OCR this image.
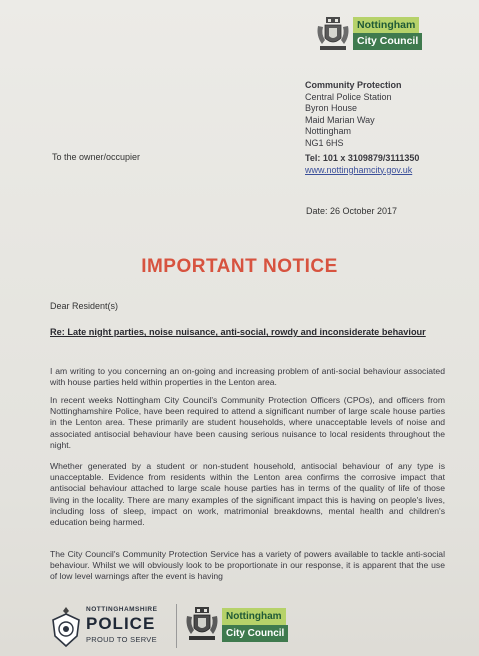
Nottingham
City Council
Community Protection
Central Police Station
Byron House
Maid Marian Way
Nottingham
NG1 6HS
Tel: 101 x 3109879/3111350
www.nottinghamcity.gov.uk
To the owner/occupier
Date: 26 October 2017
IMPORTANT NOTICE
Dear Resident(s)
Re: Late night parties, noise nuisance, anti-social, rowdy and inconsiderate behaviour
I am writing to you concerning an on-going and increasing problem of anti-social behaviour associated with house parties held within properties in the Lenton area.
In recent weeks Nottingham City Council's Community Protection Officers (CPOs), and officers from Nottinghamshire Police, have been required to attend a significant number of large scale house parties in the Lenton area. These primarily are student households, where unacceptable levels of noise and associated antisocial behaviour have been causing serious nuisance to local residents throughout the night.
Whether generated by a student or non-student household, antisocial behaviour of any type is unacceptable. Evidence from residents within the Lenton area confirms the corrosive impact that antisocial behaviour attached to large scale house parties has in terms of the quality of life of those living in the locality. There are many examples of the significant impact this is having on people's lives, including loss of sleep, impact on work, matrimonial breakdowns, mental health and children's education being harmed.
The City Council's Community Protection Service has a variety of powers available to tackle anti-social behaviour. Whilst we will obviously look to be proportionate in our response, it is apparent that the use of low level warnings after the event is having
NOTTINGHAMSHIRE
POLICE
PROUD TO SERVE
Nottingham
City Council
